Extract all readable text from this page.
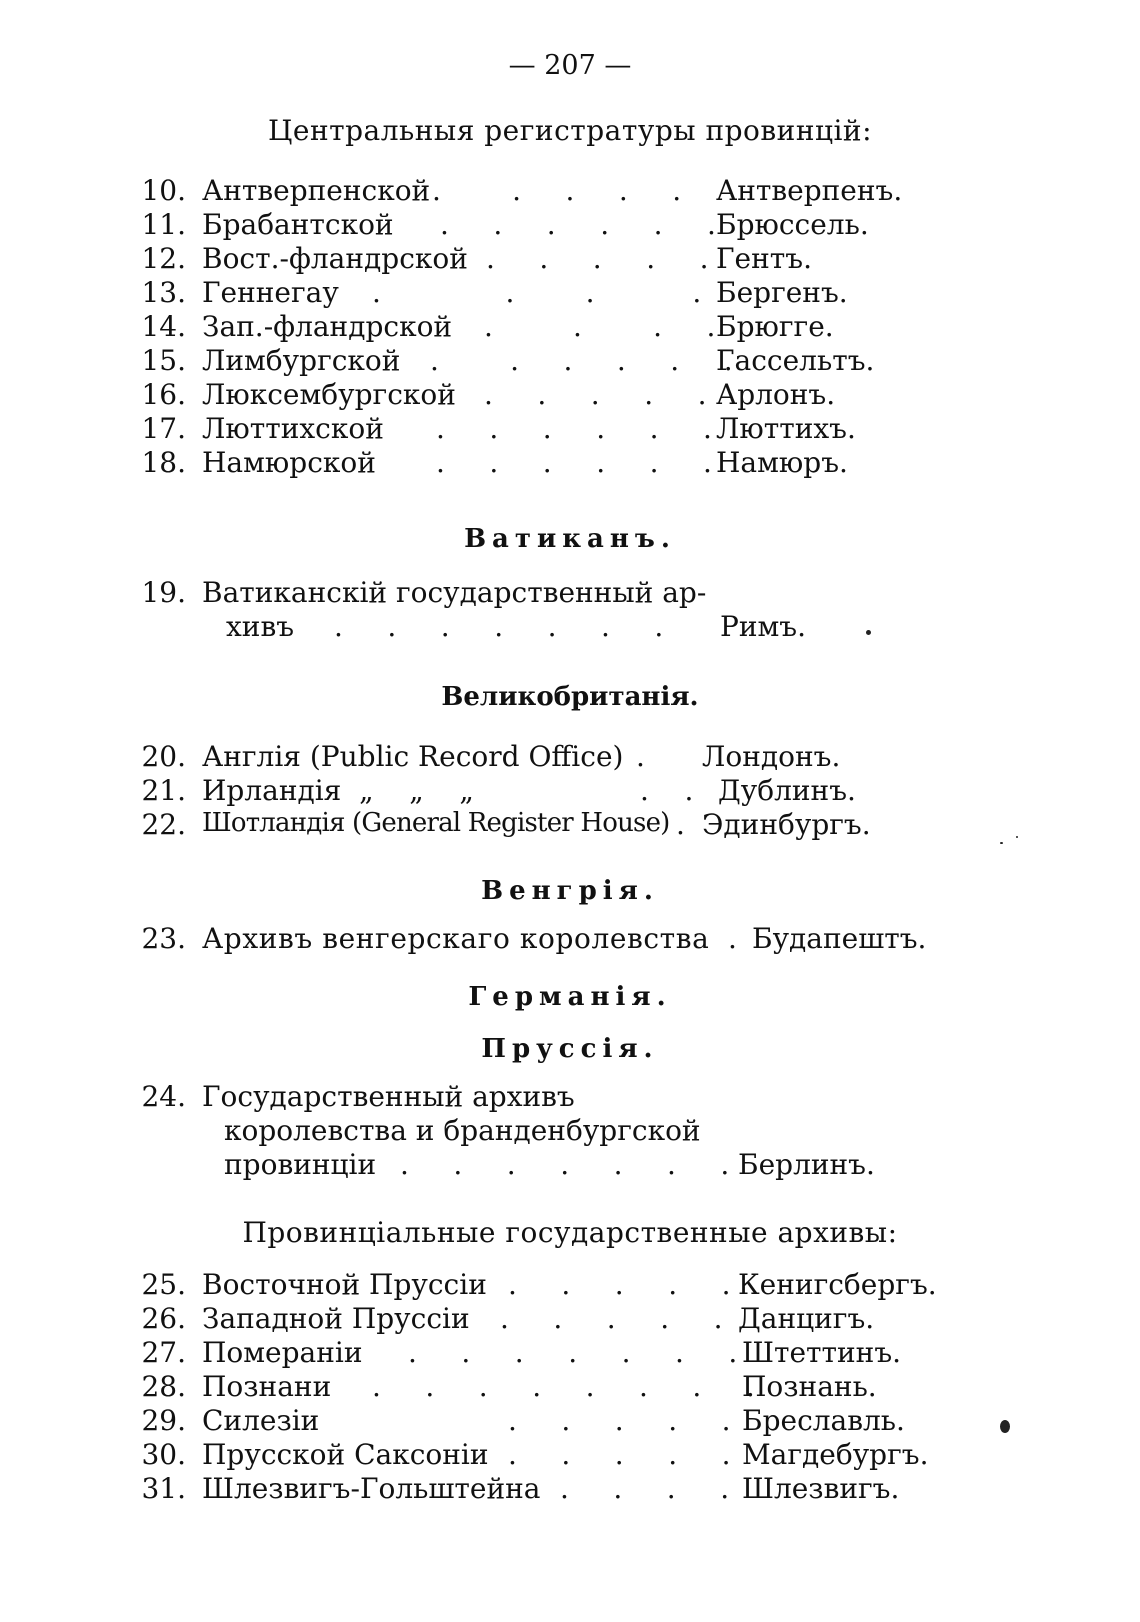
— 207 —
Центральныя регистратуры провинцій:
10. Антверпенской .        .     .     .     . Антверпенъ.
11. Брабантской .     .     .     .     .     . Брюссель.
12. Вост.-фландрской .     .     .     .     . Гентъ.
13. Геннегау .              .        .           . Бергенъ.
14. Зап.-фландрской .         .        .     . Брюгге.
15. Лимбургской .        .     .     .     .     .
Гассельтъ.
16. Люксембургской .     .     .     .     . Арлонъ.
17. Люттихской .     .     .     .     .     . Люттихъ.
18. Намюрской .     .     .     .     .     . Намюръ.
Ватиканъ.
19. Ватиканскій государственный ар-
хивъ .     .     .     .     .     .     . Римъ.
Великобританія.
20. Англія (Public Record Office) . Лондонъ.
21. Ирландія  „    „    „	.    . Дублинъ.
22. Шотландія (General Register House) . Эдинбургъ.
Венгрія.
23. Архивъ венгерскаго королевства . Будапештъ.
Германія.
Пруссія.
24. Государственный архивъ
королевства и бранденбургской
провинціи .     .     .     .     .     .     . Берлинъ.
Провинціальные государственные архивы:
25. Восточной Пруссіи .     .     .     .     . Кенигсбергъ.
26. Западной Пруссіи .     .     .     .     . Данцигъ.
27. Помераніи .     .     .     .     .     .     . Штеттинъ.
28. Познани .     .     .     .     .     .     .     .
Познань.
29. Силезіи	.     .     .     .     . Бреславль.
30. Прусской Саксоніи .     .     .     .     . Магдебургъ.
31. Шлезвигъ-Гольштейна .     .     .     . Шлезвигъ.
